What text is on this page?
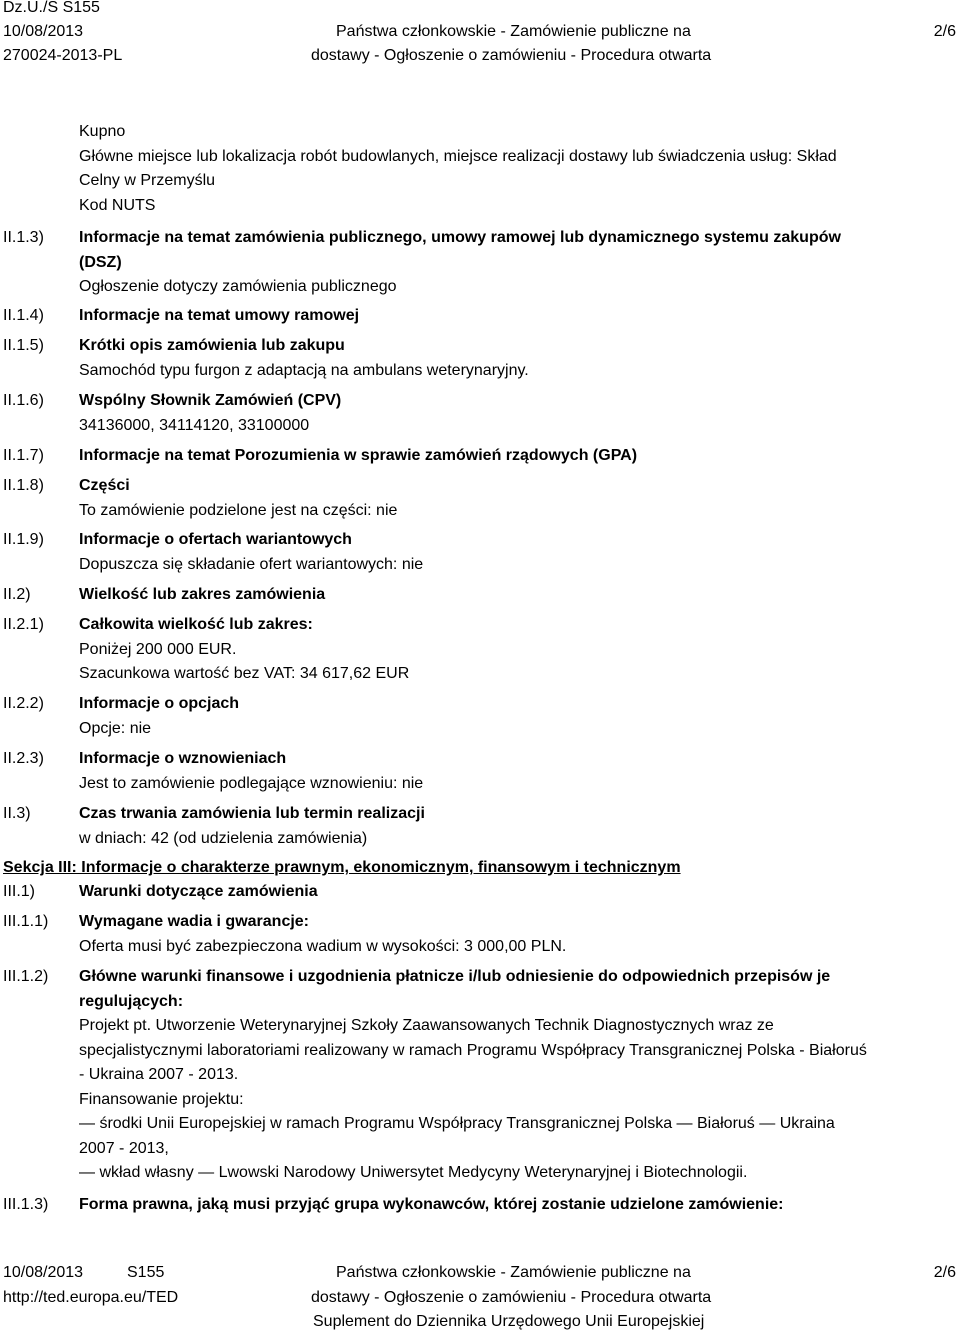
Dz.U./S S155
10/08/2013
270024-2013-PL
Państwa członkowskie - Zamówienie publiczne na
dostawy - Ogłoszenie o zamówieniu - Procedura otwarta
2/6
Kupno
Główne miejsce lub lokalizacja robót budowlanych, miejsce realizacji dostawy lub świadczenia usług: Skład
Celny w Przemyślu
Kod NUTS
II.1.3) Informacje na temat zamówienia publicznego, umowy ramowej lub dynamicznego systemu zakupów
(DSZ)
Ogłoszenie dotyczy zamówienia publicznego
II.1.4) Informacje na temat umowy ramowej
II.1.5) Krótki opis zamówienia lub zakupu
Samochód typu furgon z adaptacją na ambulans weterynaryjny.
II.1.6) Wspólny Słownik Zamówień (CPV)
34136000, 34114120, 33100000
II.1.7) Informacje na temat Porozumienia w sprawie zamówień rządowych (GPA)
II.1.8) Części
To zamówienie podzielone jest na części: nie
II.1.9) Informacje o ofertach wariantowych
Dopuszcza się składanie ofert wariantowych: nie
II.2)	Wielkość lub zakres zamówienia
II.2.1) Całkowita wielkość lub zakres:
Poniżej 200 000 EUR.
Szacunkowa wartość bez VAT: 34 617,62 EUR
II.2.2) Informacje o opcjach
Opcje: nie
II.2.3) Informacje o wznowieniach
Jest to zamówienie podlegające wznowieniu: nie
II.3)	Czas trwania zamówienia lub termin realizacji
w dniach: 42 (od udzielenia zamówienia)
Sekcja III: Informacje o charakterze prawnym, ekonomicznym, finansowym i technicznym
III.1)	Warunki dotyczące zamówienia
III.1.1) Wymagane wadia i gwarancje:
Oferta musi być zabezpieczona wadium w wysokości: 3 000,00 PLN.
III.1.2) Główne warunki finansowe i uzgodnienia płatnicze i/lub odniesienie do odpowiednich przepisów je
regulujących:
Projekt pt. Utworzenie Weterynaryjnej Szkoły Zaawansowanych Technik Diagnostycznych wraz ze
specjalistycznymi laboratoriami realizowany w ramach Programu Współpracy Transgranicznej Polska - Białoruś
- Ukraina 2007 - 2013.
Finansowanie projektu:
— środki Unii Europejskiej w ramach Programu Współpracy Transgranicznej Polska — Białoruś — Ukraina
2007 - 2013,
— wkład własny — Lwowski Narodowy Uniwersytet Medycyny Weterynaryjnej i Biotechnologii.
III.1.3) Forma prawna, jaką musi przyjąć grupa wykonawców, której zostanie udzielone zamówienie:
10/08/2013	S155
http://ted.europa.eu/TED
Państwa członkowskie - Zamówienie publiczne na
dostawy - Ogłoszenie o zamówieniu - Procedura otwarta
Suplement do Dziennika Urzędowego Unii Europejskiej
2/6
